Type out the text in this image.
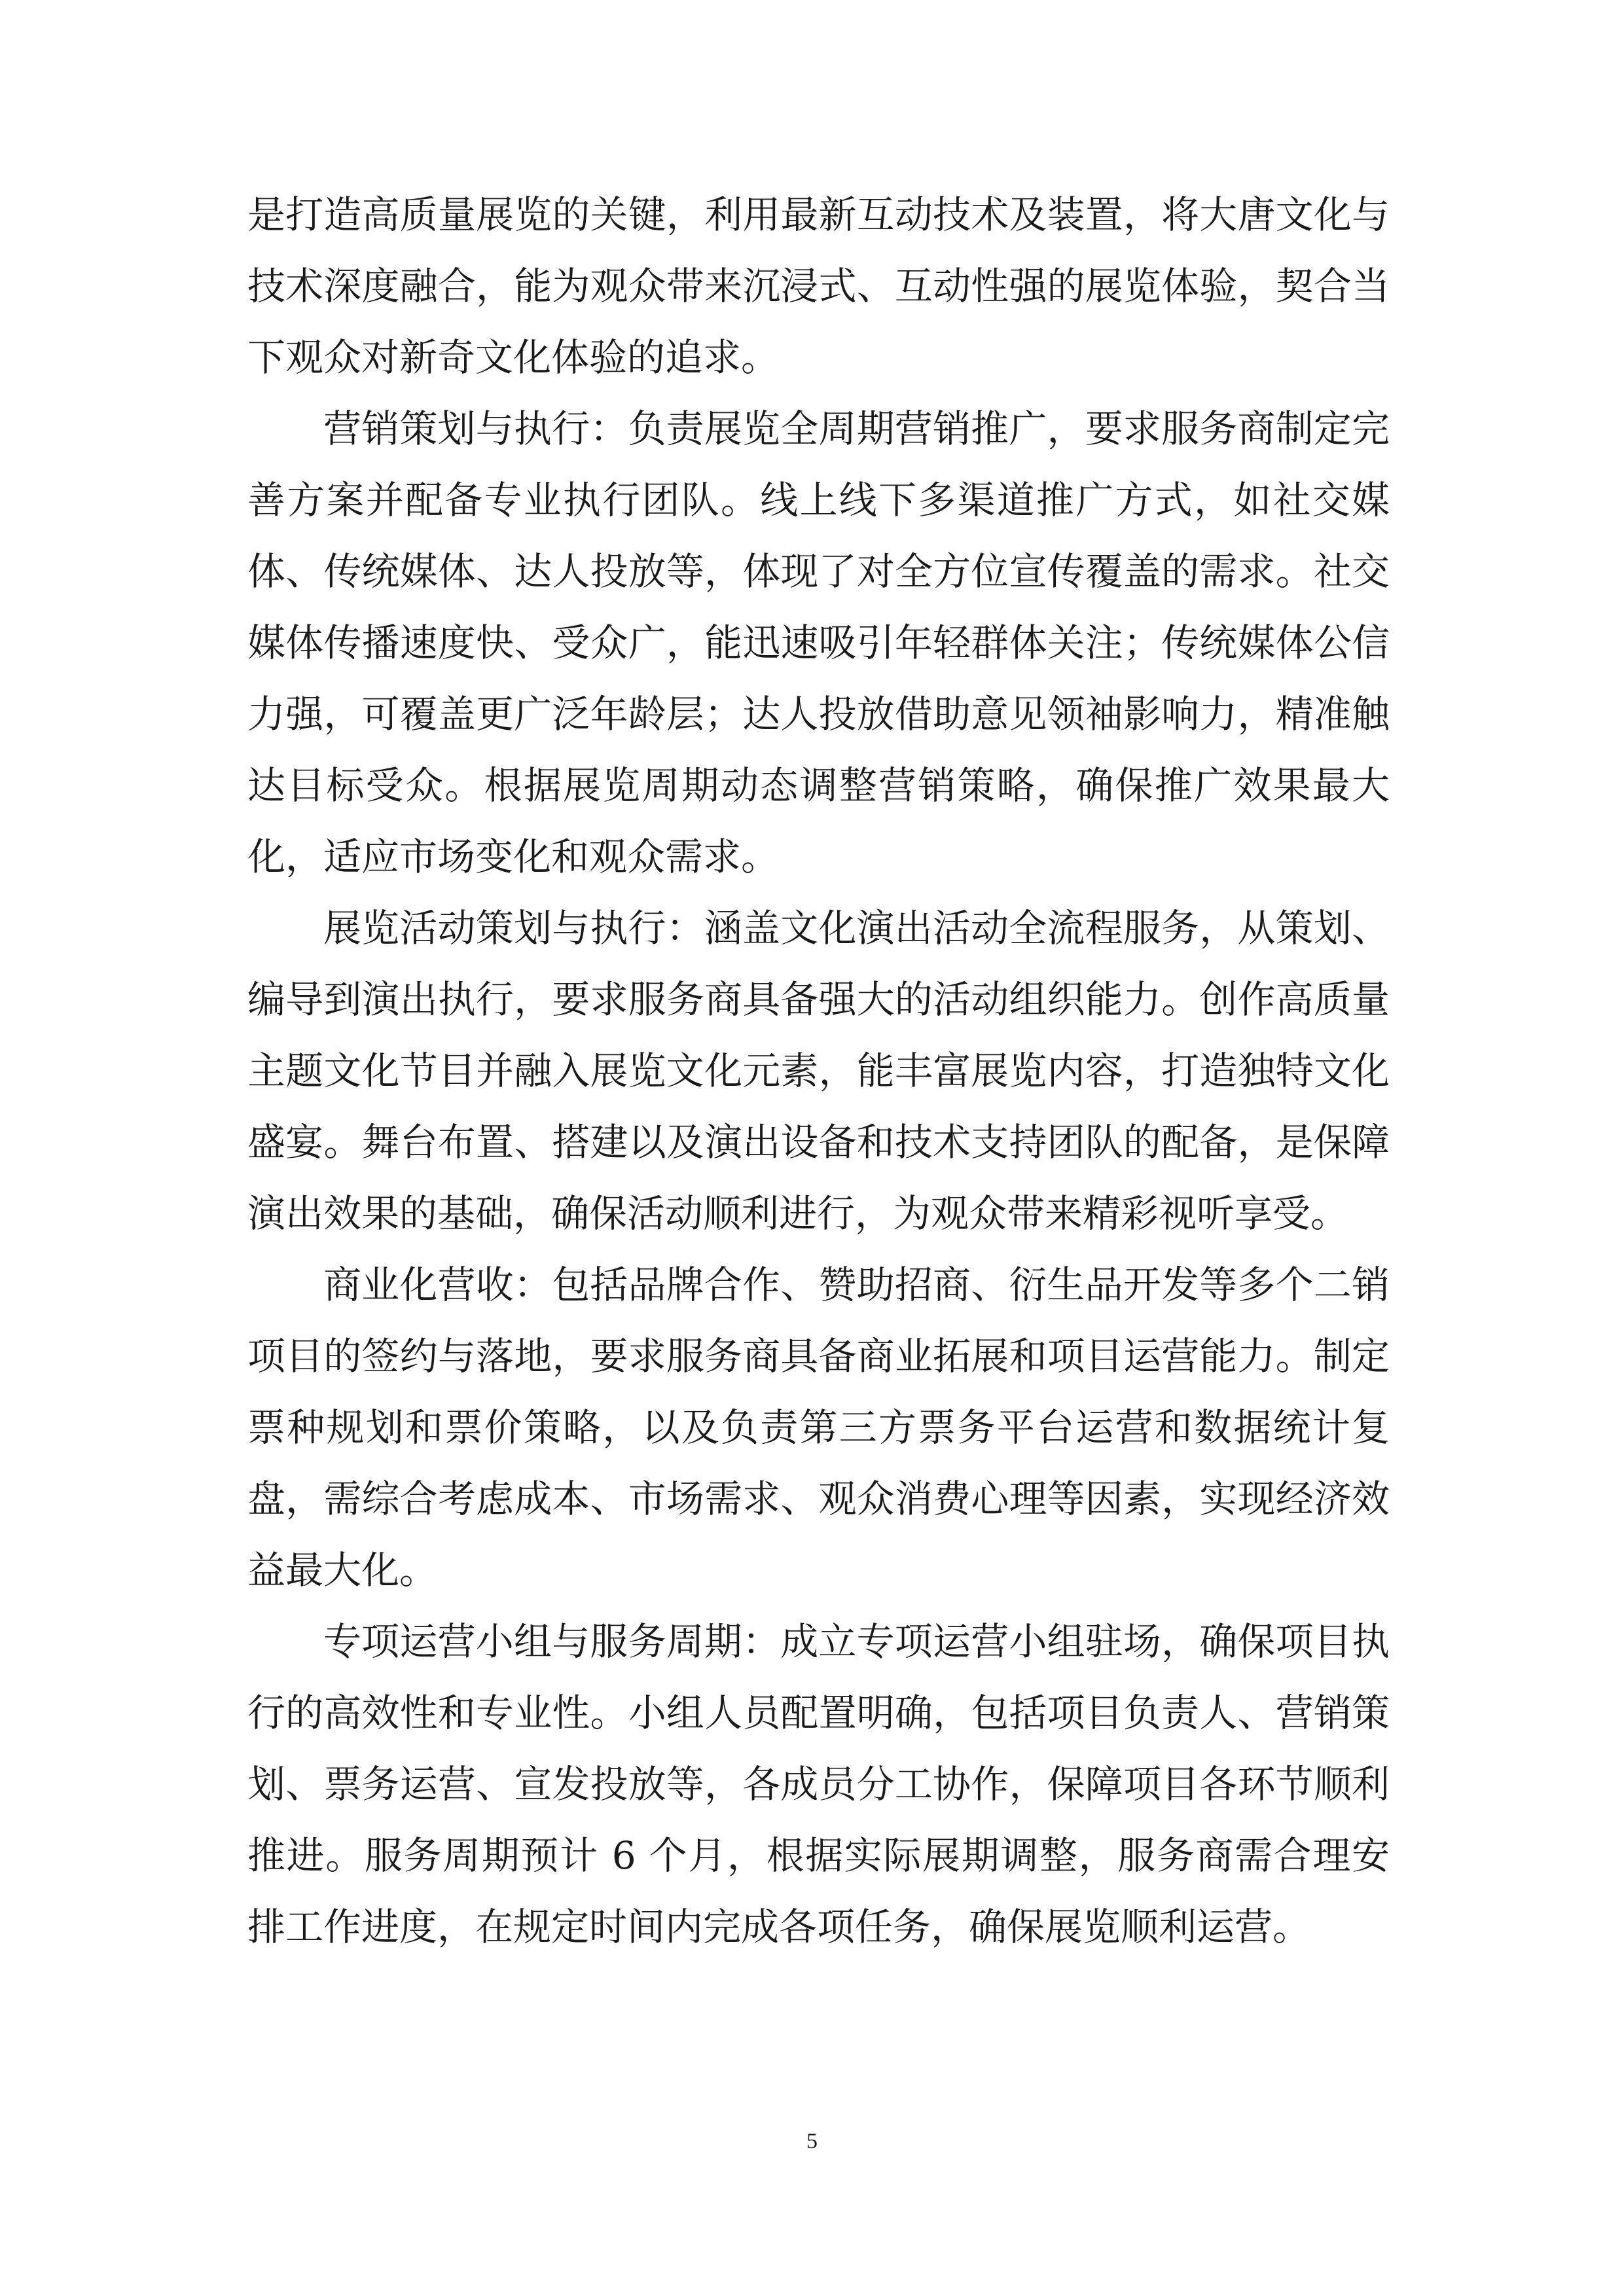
是打造高质量展览的关键，利用最新互动技术及装置，将大唐文化与技术深度融合，能为观众带来沉浸式、互动性强的展览体验，契合当下观众对新奇文化体验的追求。

营销策划与执行：负责展览全周期营销推广，要求服务商制定完善方案并配备专业执行团队。线上线下多渠道推广方式，如社交媒体、传统媒体、达人投放等，体现了对全方位宣传覆盖的需求。社交媒体传播速度快、受众广，能迅速吸引年轻群体关注；传统媒体公信力强，可覆盖更广泛年龄层；达人投放借助意见领袖影响力，精准触达目标受众。根据展览周期动态调整营销策略，确保推广效果最大化，适应市场变化和观众需求。

展览活动策划与执行：涵盖文化演出活动全流程服务，从策划、编导到演出执行，要求服务商具备强大的活动组织能力。创作高质量主题文化节目并融入展览文化元素，能丰富展览内容，打造独特文化盛宴。舞台布置、搭建以及演出设备和技术支持团队的配备，是保障演出效果的基础，确保活动顺利进行，为观众带来精彩视听享受。

商业化营收：包括品牌合作、赞助招商、衍生品开发等多个二销项目的签约与落地，要求服务商具备商业拓展和项目运营能力。制定票种规划和票价策略，以及负责第三方票务平台运营和数据统计复盘，需综合考虑成本、市场需求、观众消费心理等因素，实现经济效益最大化。

专项运营小组与服务周期：成立专项运营小组驻场，确保项目执行的高效性和专业性。小组人员配置明确，包括项目负责人、营销策划、票务运营、宣发投放等，各成员分工协作，保障项目各环节顺利推进。服务周期预计 6 个月，根据实际展期调整，服务商需合理安排工作进度，在规定时间内完成各项任务，确保展览顺利运营。

5
